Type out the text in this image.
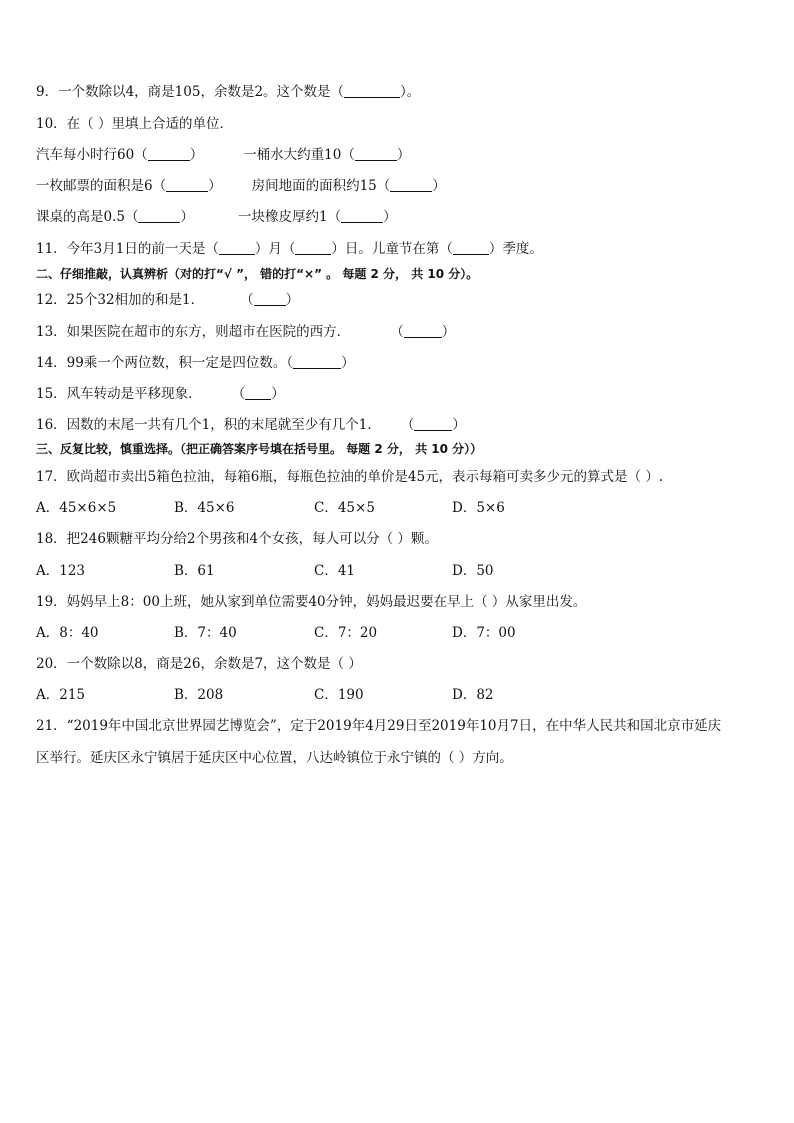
9．一个数除以4，商是105，余数是2。这个数是（	）。
10．在（ ）里填上合适的单位．
汽车每小时行60（	）	一桶水大约重10（	）
一枚邮票的面积是6（	） 房间地面的面积约15（	）
课桌的高是0.5（	）	一块橡皮厚约1（	）
11．今年3月1日的前一天是（	）月（	）日。儿童节在第（	）季度。
二、仔细推敲，认真辨析（对的打“√ ”， 错的打“×” 。 每题 2 分， 共 10 分）。
12．25个32相加的和是1．	（ ）
13．如果医院在超市的东方，则超市在医院的西方．	（	）
14．99乘一个两位数，积一定是四位数。（	）
15．风车转动是平移现象． （ ）
16．因数的末尾一共有几个1，积的末尾就至少有几个1． （	）
三、反复比较，慎重选择。（把正确答案序号填在括号里。 每题 2 分， 共 10 分））
17．欧尚超市卖出5箱色拉油，每箱6瓶，每瓶色拉油的单价是45元，表示每箱可卖多少元的算式是（ ）.
A．45×6×5	B．45×6	C．45×5	D．5×6
18．把246颗糖平均分给2个男孩和4个女孩，每人可以分（ ）颗。
A．123	B．61	C．41	D．50
19．妈妈早上8：00上班，她从家到单位需要40分钟，妈妈最迟要在早上（ ）从家里出发。
A．8：40	B．7：40	C．7：20	D．7：00
20．一个数除以8，商是26，余数是7，这个数是（ ）
A．215	B．208	C．190	D．82
21．“2019年中国北京世界园艺博览会”，定于2019年4月29日至2019年10月7日，在中华人民共和国北京市延庆
区举行。延庆区永宁镇居于延庆区中心位置，八达岭镇位于永宁镇的（ ）方向。
